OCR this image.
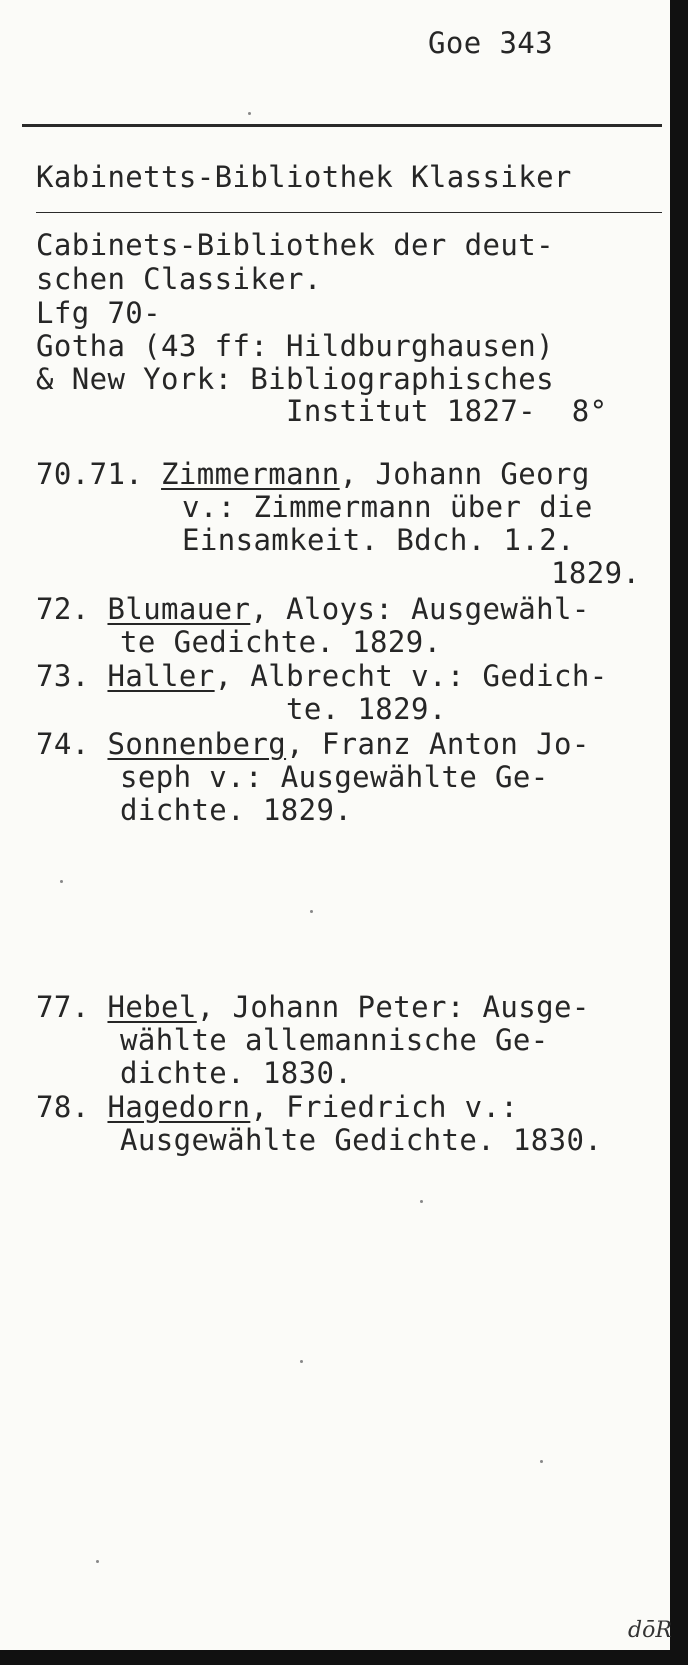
Goe 343
Kabinetts-Bibliothek Klassiker
Cabinets-Bibliothek der deut-
schen Classiker.
Lfg 70-
Gotha (43 ff: Hildburghausen)
& New York: Bibliographisches
Institut 1827-  8°
70.71. Zimmermann, Johann Georg
v.: Zimmermann über die
Einsamkeit. Bdch. 1.2.
1829.
72. Blumauer, Aloys: Ausgewähl-
te Gedichte. 1829.
73. Haller, Albrecht v.: Gedich-
te. 1829.
74. Sonnenberg, Franz Anton Jo-
seph v.: Ausgewählte Ge-
dichte. 1829.
77. Hebel, Johann Peter: Ausge-
wählte allemannische Ge-
dichte. 1830.
78. Hagedorn, Friedrich v.:
Ausgewählte Gedichte. 1830.
dōR
